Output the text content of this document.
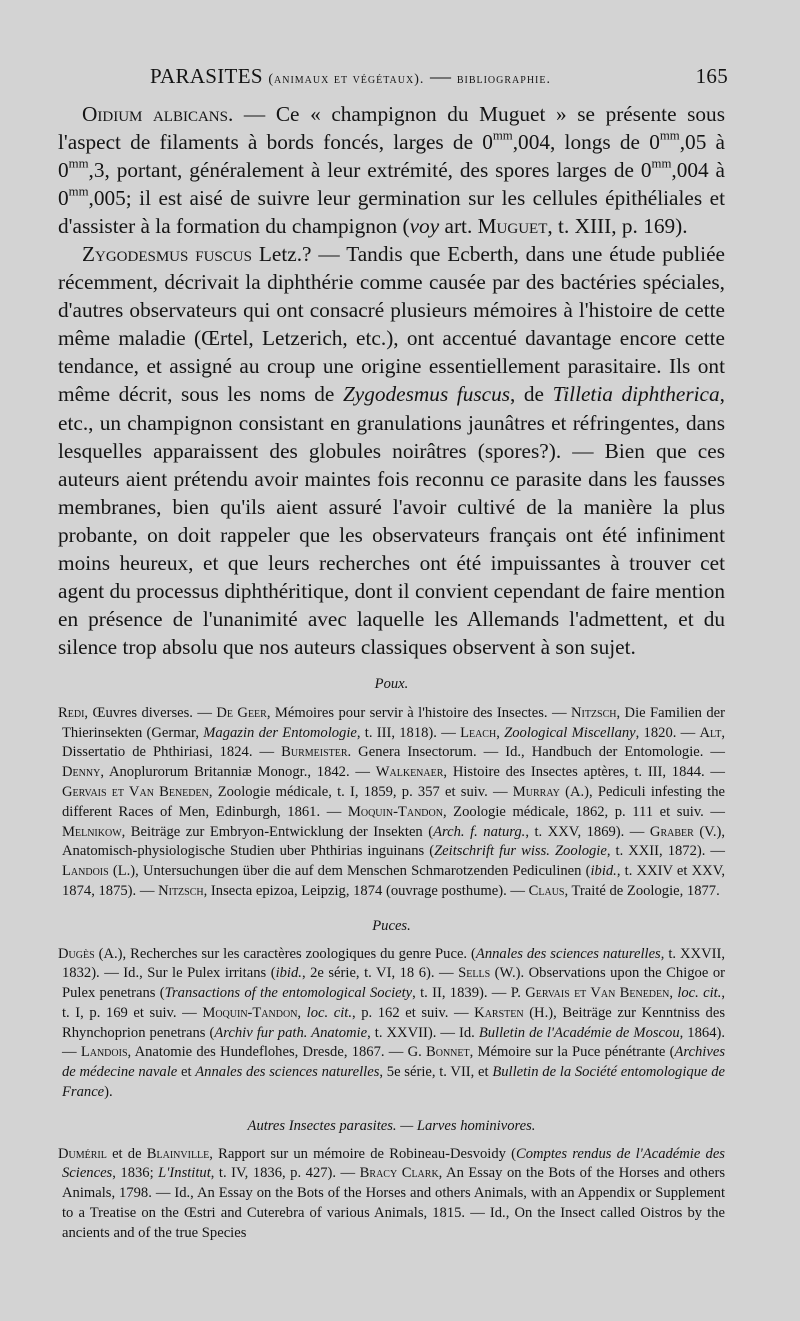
PARASITES (animaux et végétaux). — bibliographie.	165

Oidium albicans. — Ce « champignon du Muguet » se présente sous l'aspect de filaments à bords foncés, larges de $0^{mm},004$, longs de $0^{mm},05$ à $0^{mm},3$, portant, généralement à leur extrémité, des spores larges de $0^{mm},004$ à $0^{mm},005$; il est aisé de suivre leur germination sur les cellules épithéliales et d'assister à la formation du champignon (voy art. Muguet, t. XIII, p. 169).

Zygodesmus fuscus Letz.? — Tandis que Ecberth, dans une étude publiée récemment, décrivait la diphthérie comme causée par des bactéries spéciales, d'autres observateurs qui ont consacré plusieurs mémoires à l'histoire de cette même maladie (Œrtel, Letzerich, etc.), ont accentué davantage encore cette tendance, et assigné au croup une origine essentiellement parasitaire. Ils ont même décrit, sous les noms de Zygodesmus fuscus, de Tilletia diphtherica, etc., un champignon consistant en granulations jaunâtres et réfringentes, dans lesquelles apparaissent des globules noirâtres (spores?). — Bien que ces auteurs aient prétendu avoir maintes fois reconnu ce parasite dans les fausses membranes, bien qu'ils aient assuré l'avoir cultivé de la manière la plus probante, on doit rappeler que les observateurs français ont été infiniment moins heureux, et que leurs recherches ont été impuissantes à trouver cet agent du processus diphthéritique, dont il convient cependant de faire mention en présence de l'unanimité avec laquelle les Allemands l'admettent, et du silence trop absolu que nos auteurs classiques observent à son sujet.

Poux.

Redi, Œuvres diverses. — De Geer, Mémoires pour servir à l'histoire des Insectes. — Nitzsch, Die Familien der Thierinsekten (Germar, Magazin der Entomologie, t. III, 1818). — Leach, Zoological Miscellany, 1820. — Alt, Dissertatio de Phthiriasi, 1824. — Burmeister. Genera Insectorum. — Id., Handbuch der Entomologie. — Denny, Anoplurorum Britanniæ Monogr., 1842. — Walkenaer, Histoire des Insectes aptères, t. III, 1844. — Gervais et Van Beneden, Zoologie médicale, t. I, 1859, p. 357 et suiv. — Murray (A.), Pediculi infesting the different Races of Men, Edinburgh, 1861. — Moquin-Tandon, Zoologie médicale, 1862, p. 111 et suiv. — Melnikow, Beiträge zur Embryon-Entwicklung der Insekten (Arch. f. naturg., t. XXV, 1869). — Graber (V.), Anatomisch-physiologische Studien uber Phthirias inguinans (Zeitschrift fur wiss. Zoologie, t. XXII, 1872). — Landois (L.), Untersuchungen über die auf dem Menschen Schmarotzenden Pediculinen (ibid., t. XXIV et XXV, 1874, 1875). — Nitzsch, Insecta epizoa, Leipzig, 1874 (ouvrage posthume). — Claus, Traité de Zoologie, 1877.

Puces.

Dugès (A.), Recherches sur les caractères zoologiques du genre Puce. (Annales des sciences naturelles, t. XXVII, 1832). — Id., Sur le Pulex irritans (ibid., 2e série, t. VI, 18 6). — Sells (W.). Observations upon the Chigoe or Pulex penetrans (Transactions of the entomological Society, t. II, 1839). — P. Gervais et Van Beneden, loc. cit., t. I, p. 169 et suiv. — Moquin-Tandon, loc. cit., p. 162 et suiv. — Karsten (H.), Beiträge zur Kenntniss des Rhynchoprion penetrans (Archiv fur path. Anatomie, t. XXVII). — Id. Bulletin de l'Académie de Moscou, 1864). — Landois, Anatomie des Hundeflohes, Dresde, 1867. — G. Bonnet, Mémoire sur la Puce pénétrante (Archives de médecine navale et Annales des sciences naturelles, 5e série, t. VII, et Bulletin de la Société entomologique de France).

Autres Insectes parasites. — Larves hominivores.

Duméril et de Blainville, Rapport sur un mémoire de Robineau-Desvoidy (Comptes rendus de l'Académie des Sciences, 1836; L'Institut, t. IV, 1836, p. 427). — Bracy Clark, An Essay on the Bots of the Horses and others Animals, 1798. — Id., An Essay on the Bots of the Horses and others Animals, with an Appendix or Supplement to a Treatise on the Œstri and Cuterebra of various Animals, 1815. — Id., On the Insect called Oistros by the ancients and of the true Species
